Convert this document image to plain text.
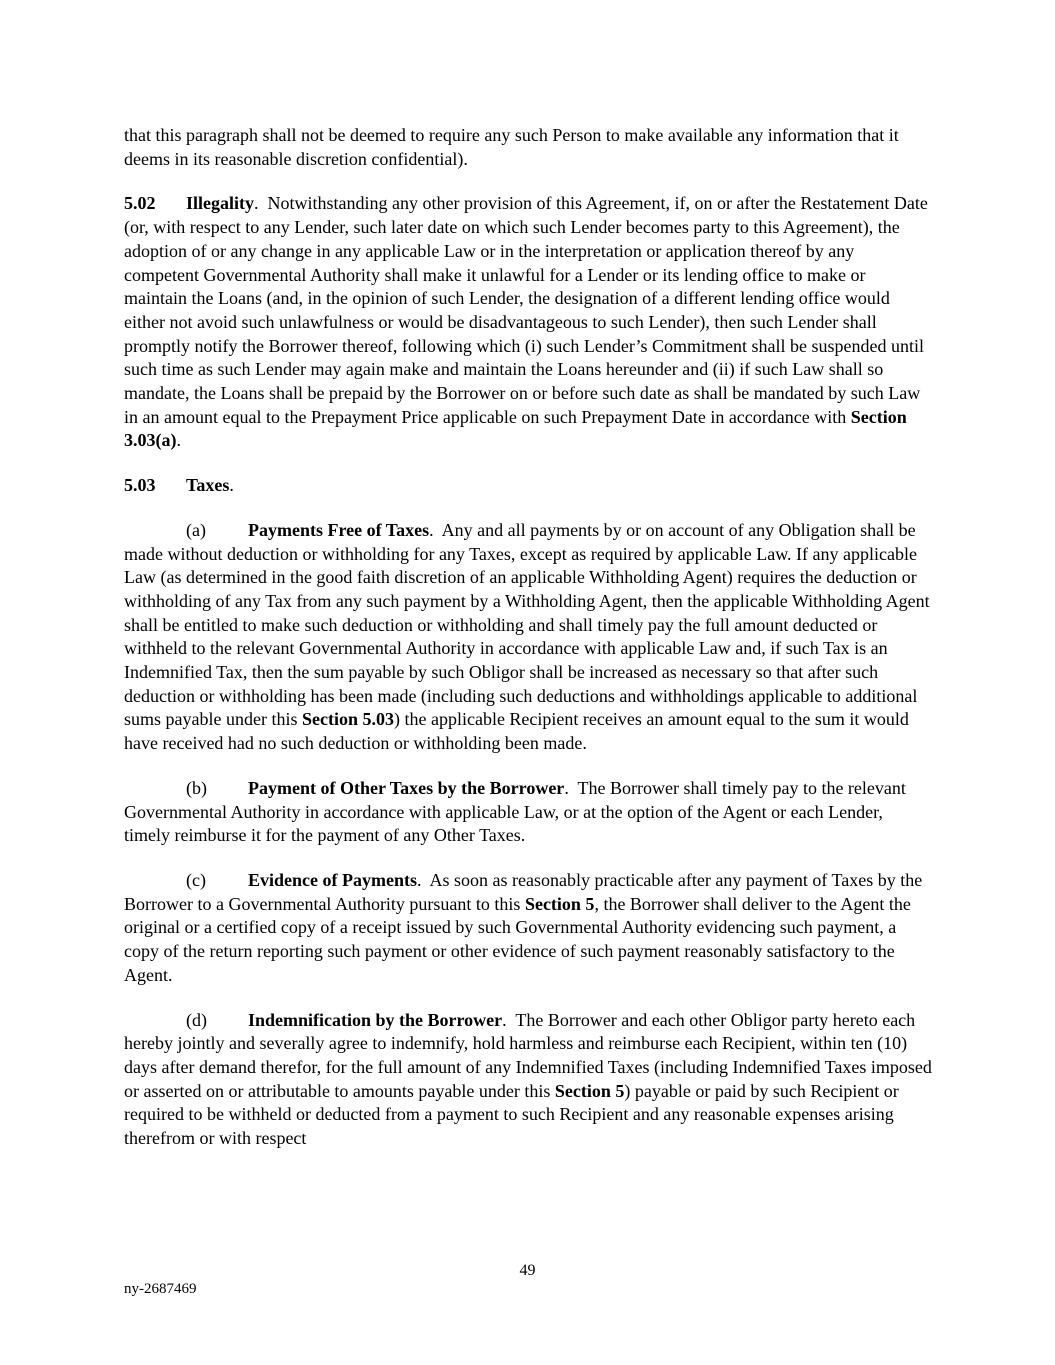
that this paragraph shall not be deemed to require any such Person to make available any information that it deems in its reasonable discretion confidential).

5.02 Illegality.  Notwithstanding any other provision of this Agreement, if, on or after the Restatement Date (or, with respect to any Lender, such later date on which such Lender becomes party to this Agreement), the adoption of or any change in any applicable Law or in the interpretation or application thereof by any competent Governmental Authority shall make it unlawful for a Lender or its lending office to make or maintain the Loans (and, in the opinion of such Lender, the designation of a different lending office would either not avoid such unlawfulness or would be disadvantageous to such Lender), then such Lender shall promptly notify the Borrower thereof, following which (i) such Lender’s Commitment shall be suspended until such time as such Lender may again make and maintain the Loans hereunder and (ii) if such Law shall so mandate, the Loans shall be prepaid by the Borrower on or before such date as shall be mandated by such Law in an amount equal to the Prepayment Price applicable on such Prepayment Date in accordance with Section 3.03(a).

5.03 Taxes.

(a) Payments Free of Taxes.  Any and all payments by or on account of any Obligation shall be made without deduction or withholding for any Taxes, except as required by applicable Law. If any applicable Law (as determined in the good faith discretion of an applicable Withholding Agent) requires the deduction or withholding of any Tax from any such payment by a Withholding Agent, then the applicable Withholding Agent shall be entitled to make such deduction or withholding and shall timely pay the full amount deducted or withheld to the relevant Governmental Authority in accordance with applicable Law and, if such Tax is an Indemnified Tax, then the sum payable by such Obligor shall be increased as necessary so that after such deduction or withholding has been made (including such deductions and withholdings applicable to additional sums payable under this Section 5.03) the applicable Recipient receives an amount equal to the sum it would have received had no such deduction or withholding been made.

(b) Payment of Other Taxes by the Borrower.  The Borrower shall timely pay to the relevant Governmental Authority in accordance with applicable Law, or at the option of the Agent or each Lender, timely reimburse it for the payment of any Other Taxes.

(c) Evidence of Payments.  As soon as reasonably practicable after any payment of Taxes by the Borrower to a Governmental Authority pursuant to this Section 5, the Borrower shall deliver to the Agent the original or a certified copy of a receipt issued by such Governmental Authority evidencing such payment, a copy of the return reporting such payment or other evidence of such payment reasonably satisfactory to the Agent.

(d) Indemnification by the Borrower.  The Borrower and each other Obligor party hereto each hereby jointly and severally agree to indemnify, hold harmless and reimburse each Recipient, within ten (10) days after demand therefor, for the full amount of any Indemnified Taxes (including Indemnified Taxes imposed or asserted on or attributable to amounts payable under this Section 5) payable or paid by such Recipient or required to be withheld or deducted from a payment to such Recipient and any reasonable expenses arising therefrom or with respect

49
ny-2687469
